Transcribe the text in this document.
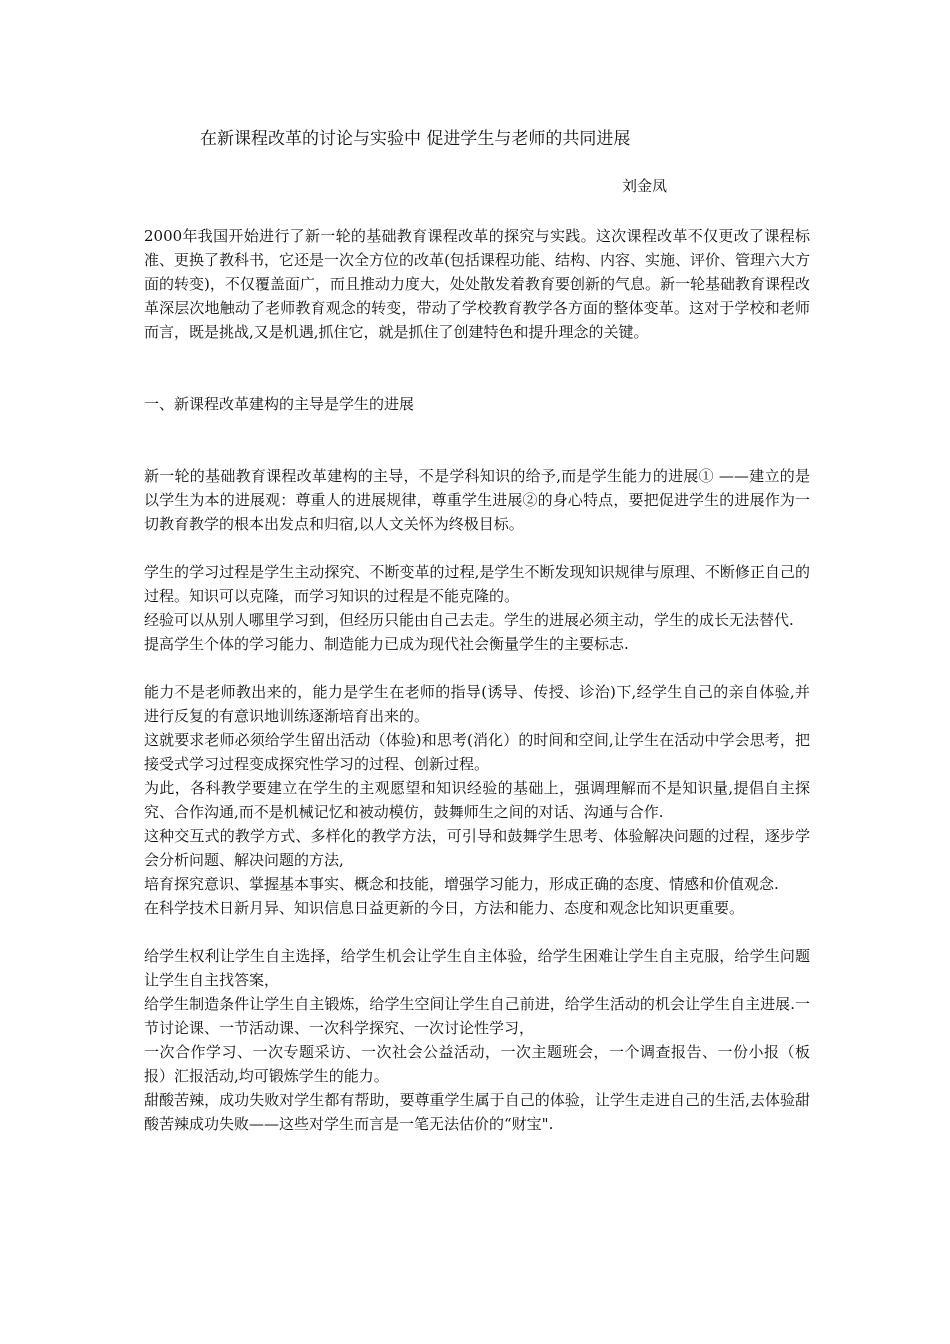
在新课程改革的讨论与实验中 促进学生与老师的共同进展
刘金凤

2000年我国开始进行了新一轮的基础教育课程改革的探究与实践。这次课程改革不仅更改了课程标准、更换了教科书，它还是一次全方位的改革(包括课程功能、结构、内容、实施、评价、管理六大方面的转变)，不仅覆盖面广，而且推动力度大，处处散发着教育要创新的气息。新一轮基础教育课程改革深层次地触动了老师教育观念的转变，带动了学校教育教学各方面的整体变革。这对于学校和老师而言，既是挑战,又是机遇,抓住它，就是抓住了创建特色和提升理念的关键。

一、新课程改革建构的主导是学生的进展

新一轮的基础教育课程改革建构的主导，不是学科知识的给予,而是学生能力的进展① ——建立的是以学生为本的进展观：尊重人的进展规律，尊重学生进展②的身心特点，要把促进学生的进展作为一切教育教学的根本出发点和归宿,以人文关怀为终极目标。

学生的学习过程是学生主动探究、不断变革的过程,是学生不断发现知识规律与原理、不断修正自己的过程。知识可以克隆，而学习知识的过程是不能克隆的。

经验可以从别人哪里学习到，但经历只能由自己去走。学生的进展必须主动，学生的成长无法替代.

提高学生个体的学习能力、制造能力已成为现代社会衡量学生的主要标志.

能力不是老师教出来的，能力是学生在老师的指导(诱导、传授、诊治)下,经学生自己的亲自体验,并进行反复的有意识地训练逐渐培育出来的。

这就要求老师必须给学生留出活动（体验)和思考(消化）的时间和空间,让学生在活动中学会思考，把接受式学习过程变成探究性学习的过程、创新过程。

为此，各科教学要建立在学生的主观愿望和知识经验的基础上，强调理解而不是知识量,提倡自主探究、合作沟通,而不是机械记忆和被动模仿，鼓舞师生之间的对话、沟通与合作.

这种交互式的教学方式、多样化的教学方法，可引导和鼓舞学生思考、体验解决问题的过程，逐步学会分析问题、解决问题的方法,

培育探究意识、掌握基本事实、概念和技能，增强学习能力，形成正确的态度、情感和价值观念.

在科学技术日新月异、知识信息日益更新的今日，方法和能力、态度和观念比知识更重要。

给学生权利让学生自主选择，给学生机会让学生自主体验，给学生困难让学生自主克服，给学生问题让学生自主找答案，

给学生制造条件让学生自主锻炼，给学生空间让学生自己前进，给学生活动的机会让学生自主进展.一节讨论课、一节活动课、一次科学探究、一次讨论性学习，

一次合作学习、一次专题采访、一次社会公益活动，一次主题班会，一个调查报告、一份小报（板报）汇报活动,均可锻炼学生的能力。

甜酸苦辣，成功失败对学生都有帮助，要尊重学生属于自己的体验，让学生走进自己的生活,去体验甜酸苦辣成功失败——这些对学生而言是一笔无法估价的“财宝".
